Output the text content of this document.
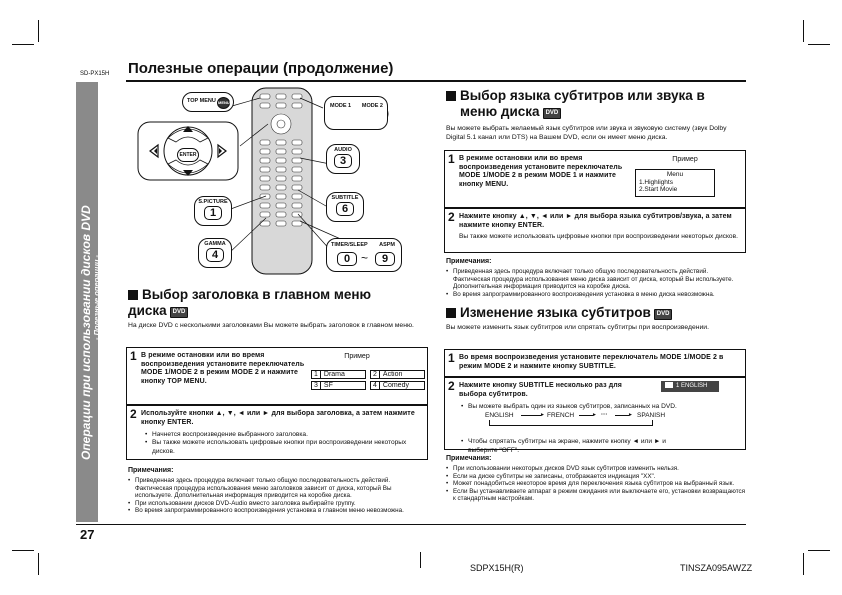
SD-PX15H Полезные операции (продолжение)
Операции при использовании дисков DVD - Полезные операции -
TOP MENU MENU
ENTER
MODE 1 MODE 2
AUDIO
3
S.PICTURE
1
SUBTITLE
6
GAMMA
4
TIMER/SLEEP ASPM
0 ~	9
Выбор заголовка в главном меню
диска DVD
На диске DVD с несколькими заголовками Вы можете выбрать заголовок в главном меню.
1 В режиме остановки или во время воспроизведения установите переключатель MODE 1/MODE 2 в режим MODE 2 и нажмите кнопку TOP MENU.
Пример
1 Drama	2 Action
3 SF	4 Comedy
2 Используйте кнопки ▲, ▼, ◄ или ► для выбора заголовка, а затем нажмите кнопку ENTER.
• Начнется воспроизведение выбранного заголовка.
• Вы также можете использовать цифровые кнопки при воспроизведении некоторых дисков.
Примечания:
• Приведенная здесь процедура включает только общую последовательность действий. Фактическая процедура использования меню заголовков зависит от диска, который Вы используете. Дополнительная информация приводится на коробке диска.
• При использовании дисков DVD-Audio вместо заголовка выбирайте группу.
• Во время запрограммированного воспроизведения установка в главном меню невозможна.
Выбор языка субтитров или звука в
меню диска DVD
Вы можете выбрать желаемый язык субтитров или звука и звуковую систему (звук Dolby Digital 5.1 канал или DTS) на Вашем DVD, если он имеет меню диска.
1 В режиме остановки или во время воспроизведения установите переключатель MODE 1/MODE 2 в режим MODE 1 и нажмите кнопку MENU.
Пример
Menu
1.Highlights
2.Start Movie
2 Нажмите кнопку ▲, ▼, ◄ или ► для выбора языка субтитров/звука, а затем нажмите кнопку ENTER.
Вы также можете использовать цифровые кнопки при воспроизведении некоторых дисков.
Примечания:
• Приведенная здесь процедура включает только общую последовательность действий. Фактическая процедура использования меню диска зависит от диска, который Вы используете. Дополнительная информация приводится на коробке диска.
• Во время запрограммированного воспроизведения установка в меню диска невозможна.
Изменение языка субтитров DVD
Вы можете изменить язык субтитров или спрятать субтитры при воспроизведении.
1 Во время воспроизведения установите переключатель MODE 1/MODE 2 в режим MODE 2 и нажмите кнопку SUBTITLE.
2 Нажмите кнопку SUBTITLE несколько раз для выбора субтитров.
1 ENGLISH
• Вы можете выбрать один из языков субтитров, записанных на DVD.
ENGLISH	► FRENCH	► ···	► SPANISH
• Чтобы спрятать субтитры на экране, нажмите кнопку ◄ или ► и выберите "OFF".
Примечания:
• При использовании некоторых дисков DVD язык субтитров изменить нельзя.
• Если на диске субтитры не записаны, отображается индикация "XX".
• Может понадобиться некоторое время для переключения языка субтитров на выбранный язык.
• Если Вы устанавливаете аппарат в режим ожидания или выключаете его, установки возвращаются к стандартным настройкам.
27
SDPX15H(R)	TINSZA095AWZZ
